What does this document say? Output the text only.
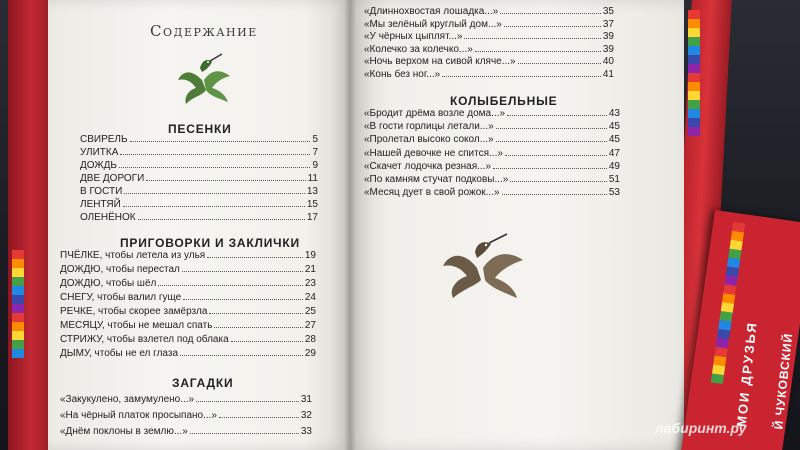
Содержание
ПЕСЕНКИ
ПРИГОВОРКИ И ЗАКЛИЧКИ
ЗАГАДКИ
КОЛЫБЕЛЬНЫЕ
СВИРЕЛЬ	5
УЛИТКА	7
ДОЖДЬ	9
ДВЕ ДОРОГИ	11
В ГОСТИ	13
ЛЕНТЯЙ	15
ОЛЕНЁНОК	17
ПЧЁЛКЕ, чтобы летела из улья	19
ДОЖДЮ, чтобы перестал	21
ДОЖДЮ, чтобы шёл	23
СНЕГУ, чтобы валил гуще	24
РЕЧКЕ, чтобы скорее замёрзла	25
МЕСЯЦУ, чтобы не мешал спать	27
СТРИЖУ, чтобы взлетел под облака	28
ДЫМУ, чтобы не ел глаза	29
«Закукулено, замумулено...»	31
«На чёрный платок просыпано...»	32
«Днём поклоны в землю...»	33
«Длиннохвостая лошадка...»	35
«Мы зелёный круглый дом...»	37
«У чёрных цыплят...»	39
«Колечко за колечко...»	39
«Ночь верхом на сивой кляче...»	40
«Конь без ног...»	41
«Бродит дрёма возле дома...»	43
«В гости горлицы летали...»	45
«Пролетал высоко сокол...»	45
«Нашей девочке не спится...»	47
«Скачет лодочка резная...»	49
«По камням стучат подковы...»	51
«Месяц дует в свой рожок...»	53
МОИ ДРУЗЬЯ Й ЧУКОВСКИЙ
лабиринт.ру
